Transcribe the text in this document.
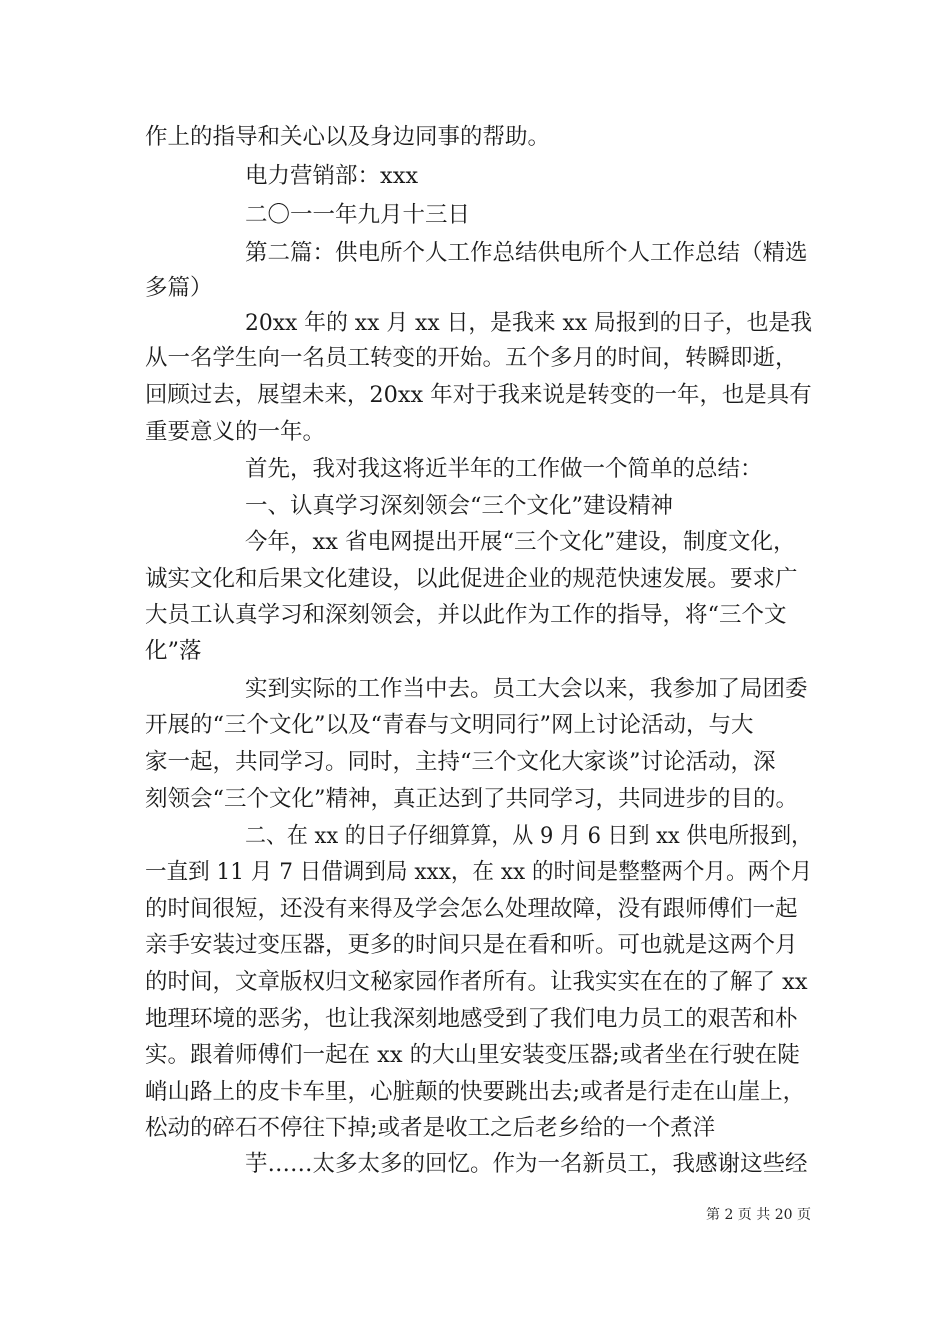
作上的指导和关心以及身边同事的帮助。
电力营销部：xxx
二〇一一年九月十三日
第二篇：供电所个人工作总结供电所个人工作总结（精选
多篇）
20xx 年的 xx 月 xx 日，是我来 xx 局报到的日子，也是我
从一名学生向一名员工转变的开始。五个多月的时间，转瞬即逝，
回顾过去，展望未来，20xx 年对于我来说是转变的一年，也是具有
重要意义的一年。
首先，我对我这将近半年的工作做一个简单的总结：
一、认真学习深刻领会“三个文化”建设精神
今年，xx 省电网提出开展“三个文化”建设，制度文化，
诚实文化和后果文化建设，以此促进企业的规范快速发展。要求广
大员工认真学习和深刻领会，并以此作为工作的指导，将“三个文
化”落
实到实际的工作当中去。员工大会以来，我参加了局团委
开展的“三个文化”以及“青春与文明同行”网上讨论活动，与大
家一起，共同学习。同时，主持“三个文化大家谈”讨论活动，深
刻领会“三个文化”精神，真正达到了共同学习，共同进步的目的。
二、在 xx 的日子仔细算算，从 9 月 6 日到 xx 供电所报到，
一直到 11 月 7 日借调到局 xxx，在 xx 的时间是整整两个月。两个月
的时间很短，还没有来得及学会怎么处理故障，没有跟师傅们一起
亲手安装过变压器，更多的时间只是在看和听。可也就是这两个月
的时间，文章版权归文秘家园作者所有。让我实实在在的了解了 xx
地理环境的恶劣，也让我深刻地感受到了我们电力员工的艰苦和朴
实。跟着师傅们一起在 xx 的大山里安装变压器;或者坐在行驶在陡
峭山路上的皮卡车里，心脏颠的快要跳出去;或者是行走在山崖上，
松动的碎石不停往下掉;或者是收工之后老乡给的一个煮洋
芋……太多太多的回忆。作为一名新员工，我感谢这些经
第 2 页 共 20 页
